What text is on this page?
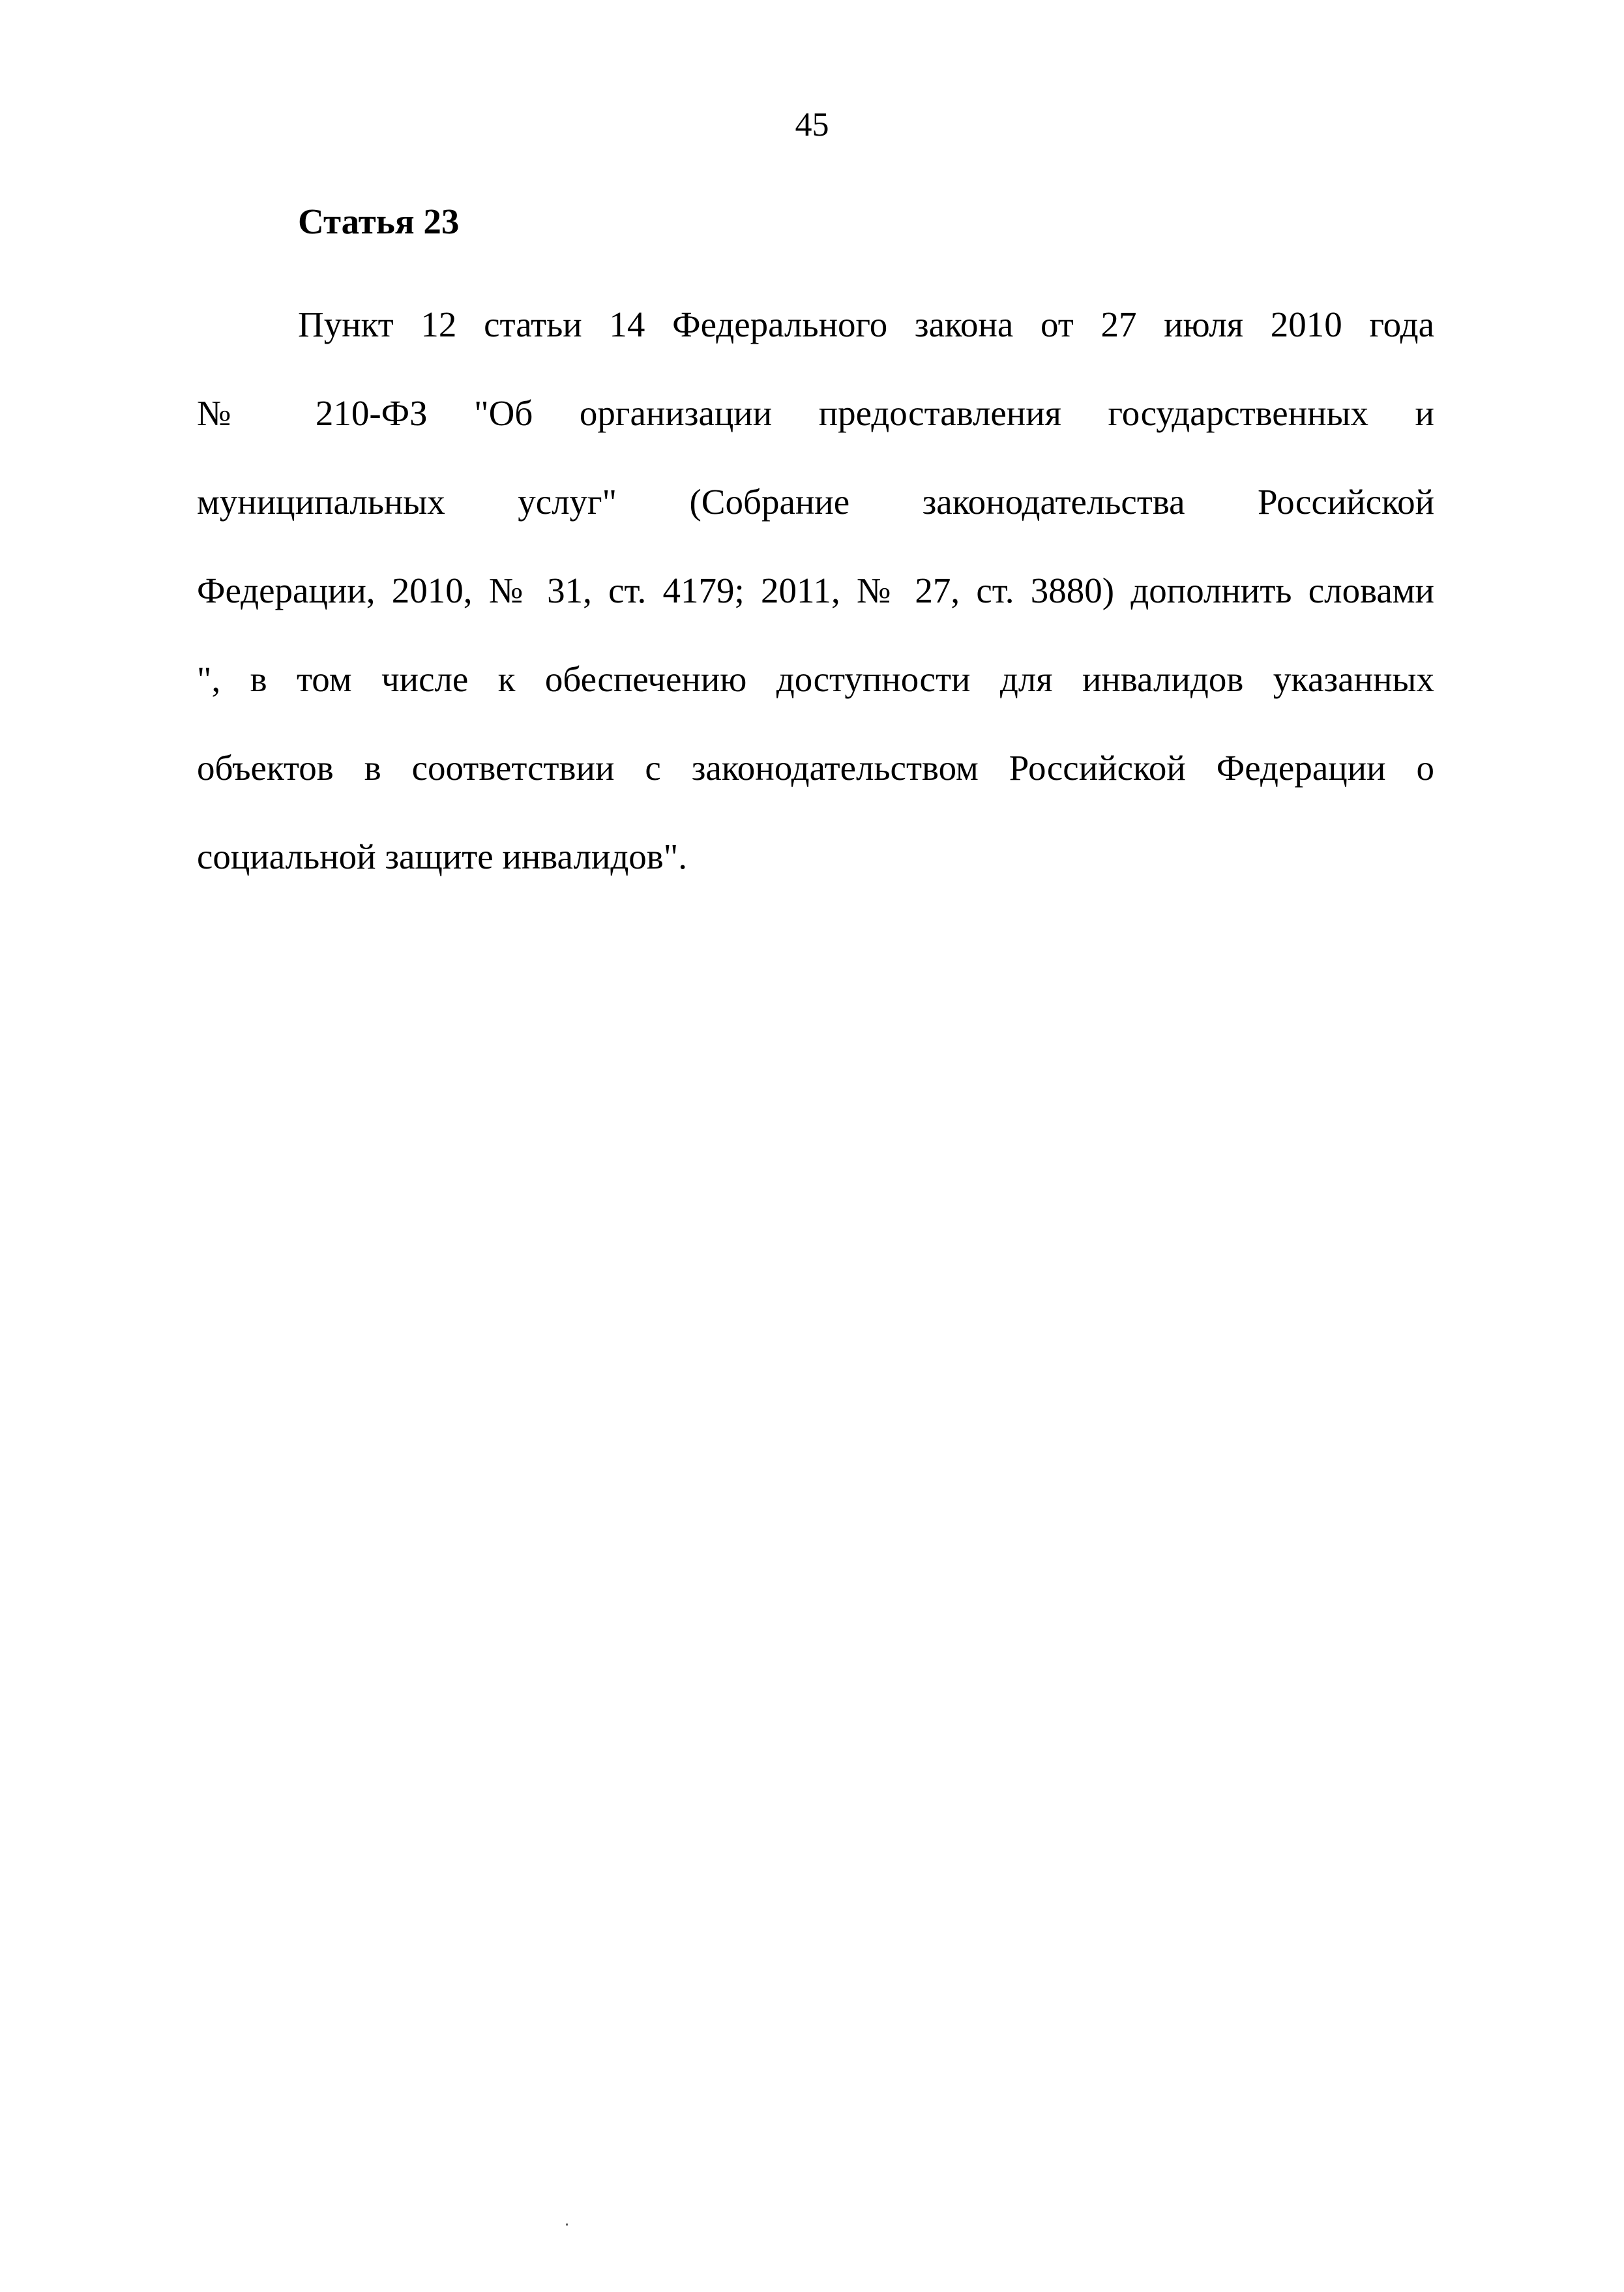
45
Статья 23
Пункт 12 статьи 14 Федерального закона от 27 июля 2010 года
№ 210-ФЗ "Об организации предоставления государственных и
муниципальных услуг" (Собрание законодательства Российской
Федерации, 2010, № 31, ст. 4179; 2011, № 27, ст. 3880) дополнить словами
", в том числе к обеспечению доступности для инвалидов указанных
объектов в соответствии с законодательством Российской Федерации о
социальной защите инвалидов".
